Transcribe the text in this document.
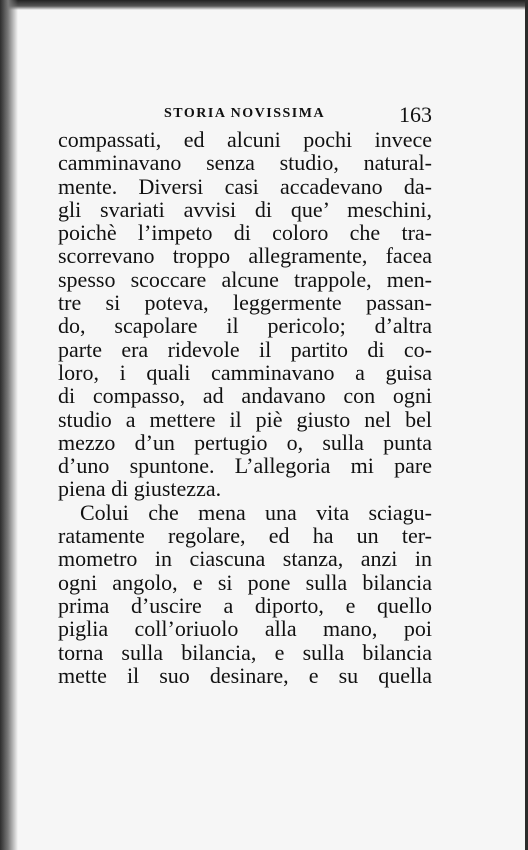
STORIA NOVISSIMA	163
compassati, ed alcuni pochi invece
camminavano senza studio, natural-
mente. Diversi casi accadevano da-
gli svariati avvisi di que’ meschini,
poichè l’impeto di coloro che tra-
scorrevano troppo allegramente, facea
spesso scoccare alcune trappole, men-
tre si poteva, leggermente passan-
do, scapolare il pericolo; d’altra
parte era ridevole il partito di co-
loro, i quali camminavano a guisa
di compasso, ad andavano con ogni
studio a mettere il piè giusto nel bel
mezzo d’un pertugio o, sulla punta
d’uno spuntone. L’allegoria mi pare
piena di giustezza.
Colui che mena una vita sciagu-
ratamente regolare, ed ha un ter-
mometro in ciascuna stanza, anzi in
ogni angolo, e si pone sulla bilancia
prima d’uscire a diporto, e quello
piglia coll’oriuolo alla mano, poi
torna sulla bilancia, e sulla bilancia
mette il suo desinare, e su quella
